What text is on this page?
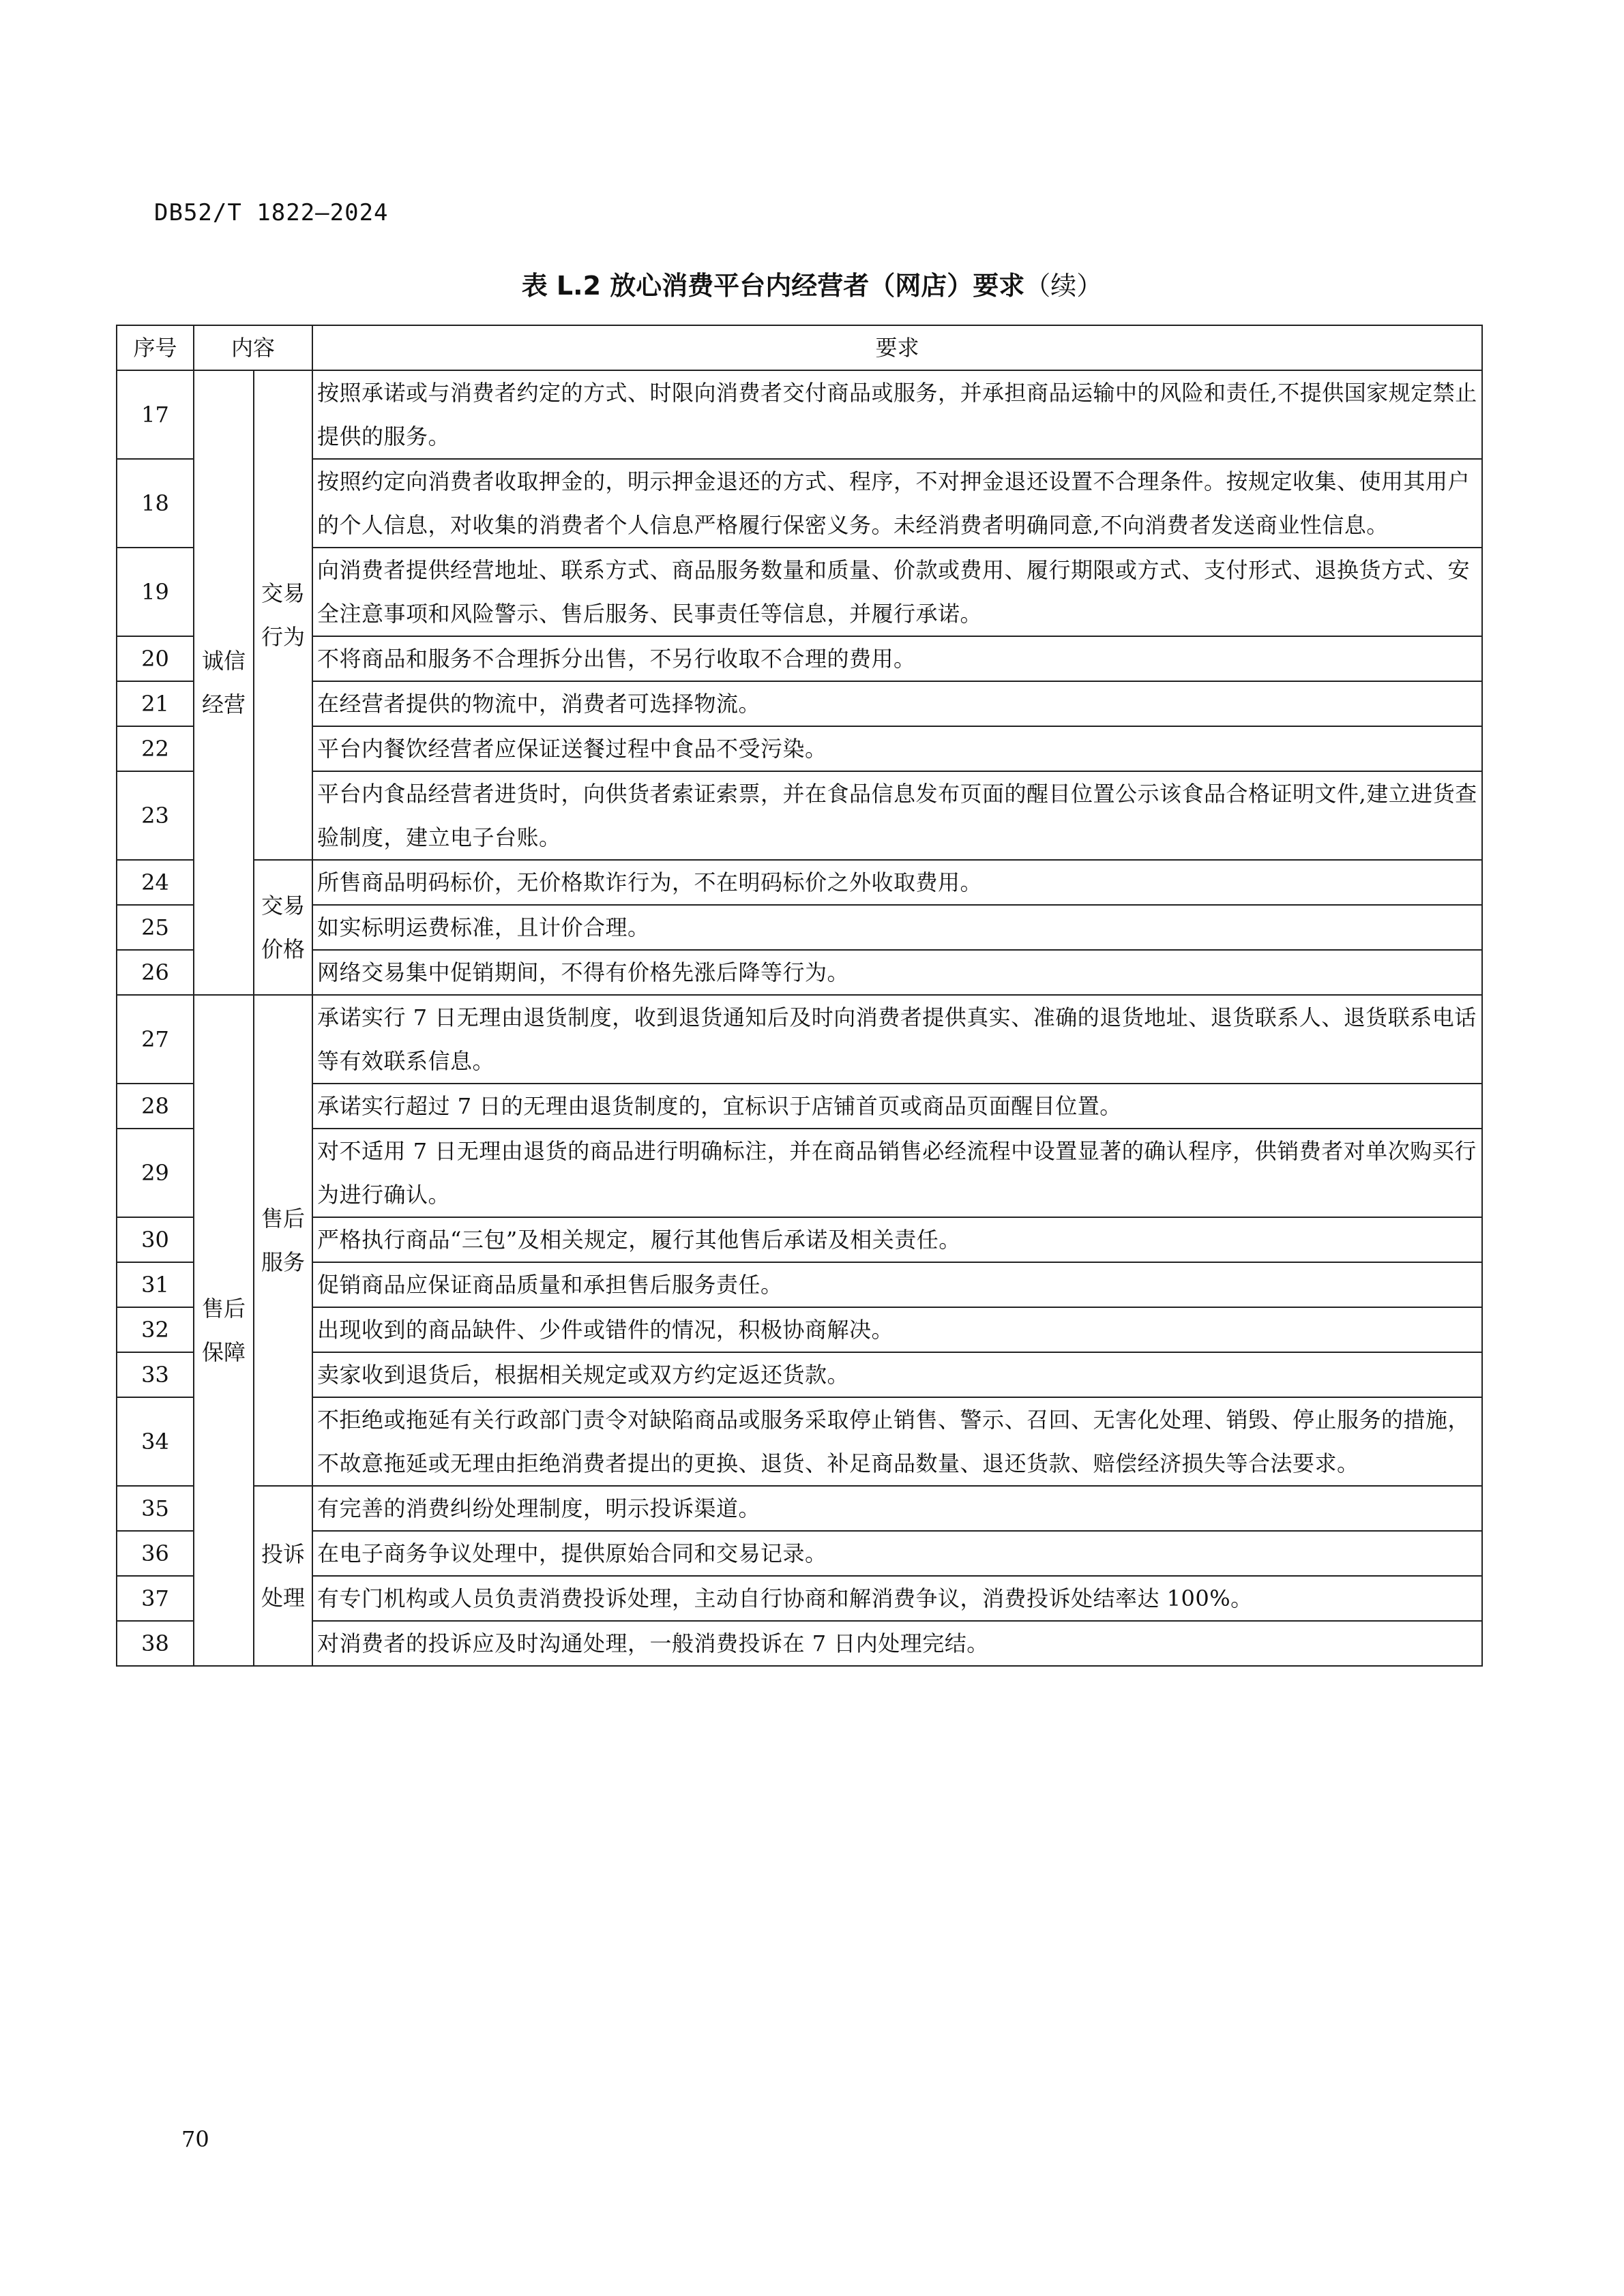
DB52/T 1822—2024
表 L.2 放心消费平台内经营者（网店）要求（续）
序号	内容		要求
17	诚信经营	交易行为	按照承诺或与消费者约定的方式、时限向消费者交付商品或服务，并承担商品运输中的风险和责任,不提供国家规定禁止提供的服务。
18			按照约定向消费者收取押金的，明示押金退还的方式、程序，不对押金退还设置不合理条件。按规定收集、使用其用户的个人信息，对收集的消费者个人信息严格履行保密义务。未经消费者明确同意,不向消费者发送商业性信息。
19			向消费者提供经营地址、联系方式、商品服务数量和质量、价款或费用、履行期限或方式、支付形式、退换货方式、安全注意事项和风险警示、售后服务、民事责任等信息，并履行承诺。
20			不将商品和服务不合理拆分出售，不另行收取不合理的费用。
21			在经营者提供的物流中，消费者可选择物流。
22			平台内餐饮经营者应保证送餐过程中食品不受污染。
23			平台内食品经营者进货时，向供货者索证索票，并在食品信息发布页面的醒目位置公示该食品合格证明文件,建立进货查验制度，建立电子台账。
24		交易价格	所售商品明码标价，无价格欺诈行为，不在明码标价之外收取费用。
25			如实标明运费标准，且计价合理。
26			网络交易集中促销期间，不得有价格先涨后降等行为。
27	售后保障	售后服务	承诺实行 7 日无理由退货制度，收到退货通知后及时向消费者提供真实、准确的退货地址、退货联系人、退货联系电话等有效联系信息。
28			承诺实行超过 7 日的无理由退货制度的，宜标识于店铺首页或商品页面醒目位置。
29			对不适用 7 日无理由退货的商品进行明确标注，并在商品销售必经流程中设置显著的确认程序，供销费者对单次购买行为进行确认。
30			严格执行商品“三包”及相关规定，履行其他售后承诺及相关责任。
31			促销商品应保证商品质量和承担售后服务责任。
32			出现收到的商品缺件、少件或错件的情况，积极协商解决。
33			卖家收到退货后，根据相关规定或双方约定返还货款。
34			不拒绝或拖延有关行政部门责令对缺陷商品或服务采取停止销售、警示、召回、无害化处理、销毁、停止服务的措施，不故意拖延或无理由拒绝消费者提出的更换、退货、补足商品数量、退还货款、赔偿经济损失等合法要求。
35		投诉处理	有完善的消费纠纷处理制度，明示投诉渠道。
36			在电子商务争议处理中，提供原始合同和交易记录。
37			有专门机构或人员负责消费投诉处理，主动自行协商和解消费争议，消费投诉处结率达 100%。
38			对消费者的投诉应及时沟通处理，一般消费投诉在 7 日内处理完结。
70
